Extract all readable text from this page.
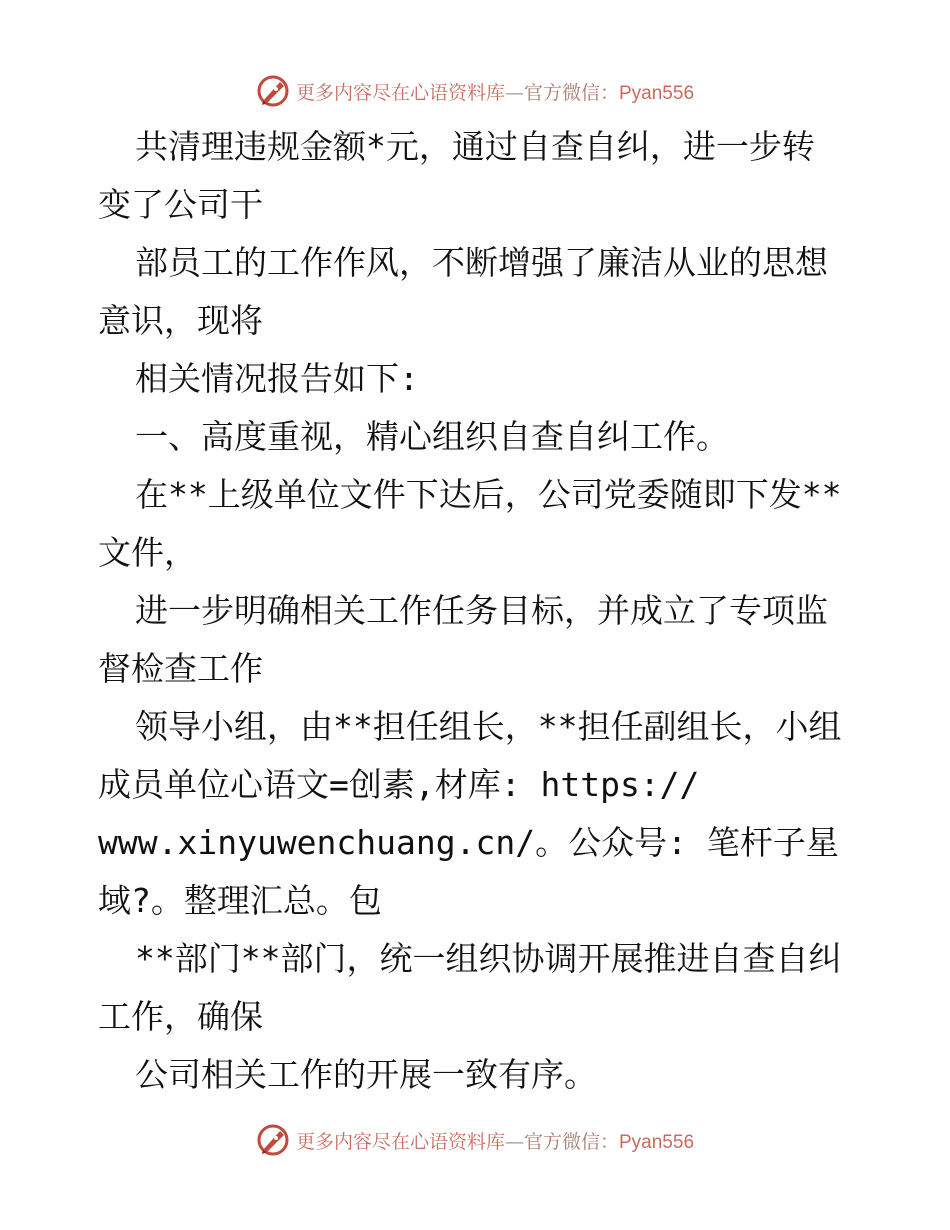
更多内容尽在心语资料库—官方微信：Pyan556
共清理违规金额*元，通过自查自纠，进一步转
变了公司干
部员工的工作作风，不断增强了廉洁从业的思想
意识，现将
相关情况报告如下:
一、高度重视，精心组织自查自纠工作。
在**上级单位文件下达后，公司党委随即下发**
文件，
进一步明确相关工作任务目标，并成立了专项监
督检查工作
领导小组，由**担任组长，**担任副组长，小组
成员单位心语文=创素,材库: https://
www.xinyuwenchuang.cn/。公众号: 笔杆子星
域?。整理汇总。包
**部门**部门，统一组织协调开展推进自查自纠
工作，确保
公司相关工作的开展一致有序。
更多内容尽在心语资料库—官方微信：Pyan556
